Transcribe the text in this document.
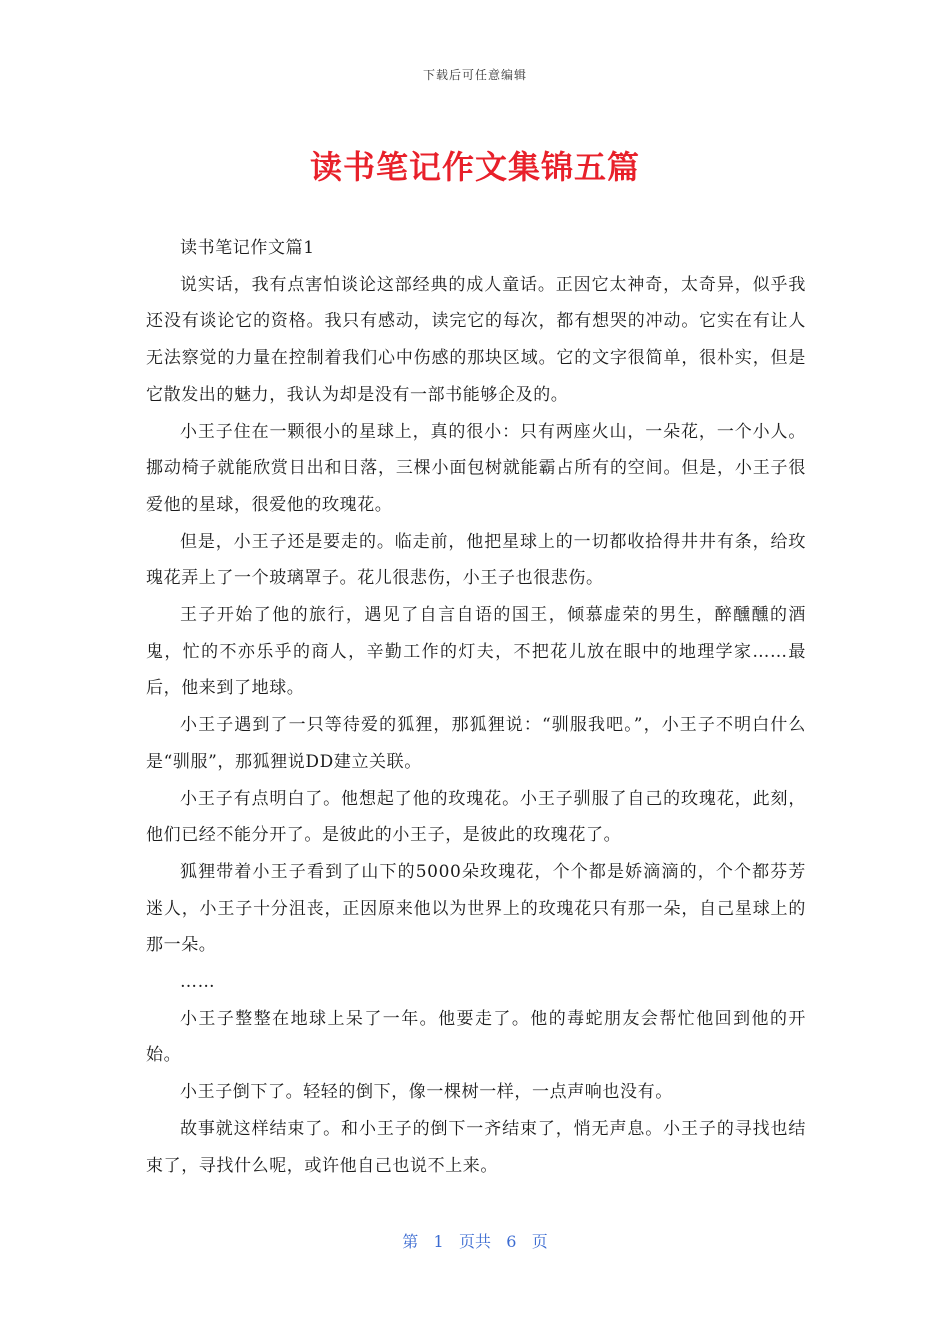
下载后可任意编辑
读书笔记作文集锦五篇

读书笔记作文篇1

说实话，我有点害怕谈论这部经典的成人童话。正因它太神奇，太奇异，似乎我还没有谈论它的资格。我只有感动，读完它的每次，都有想哭的冲动。它实在有让人无法察觉的力量在控制着我们心中伤感的那块区域。它的文字很简单，很朴实，但是它散发出的魅力，我认为却是没有一部书能够企及的。

小王子住在一颗很小的星球上，真的很小：只有两座火山，一朵花，一个小人。挪动椅子就能欣赏日出和日落，三棵小面包树就能霸占所有的空间。但是，小王子很爱他的星球，很爱他的玫瑰花。

但是，小王子还是要走的。临走前，他把星球上的一切都收拾得井井有条，给玫瑰花弄上了一个玻璃罩子。花儿很悲伤，小王子也很悲伤。

王子开始了他的旅行，遇见了自言自语的国王，倾慕虚荣的男生，醉醺醺的酒鬼，忙的不亦乐乎的商人，辛勤工作的灯夫，不把花儿放在眼中的地理学家……最后，他来到了地球。

小王子遇到了一只等待爱的狐狸，那狐狸说：“驯服我吧。”，小王子不明白什么是“驯服”，那狐狸说DD建立关联。

小王子有点明白了。他想起了他的玫瑰花。小王子驯服了自己的玫瑰花，此刻，他们已经不能分开了。是彼此的小王子，是彼此的玫瑰花了。

狐狸带着小王子看到了山下的5000朵玫瑰花，个个都是娇滴滴的，个个都芬芳迷人，小王子十分沮丧，正因原来他以为世界上的玫瑰花只有那一朵，自己星球上的那一朵。

……

小王子整整在地球上呆了一年。他要走了。他的毒蛇朋友会帮忙他回到他的开始。

小王子倒下了。轻轻的倒下，像一棵树一样，一点声响也没有。

故事就这样结束了。和小王子的倒下一齐结束了，悄无声息。小王子的寻找也结束了，寻找什么呢，或许他自己也说不上来。

第 1 页共 6 页
